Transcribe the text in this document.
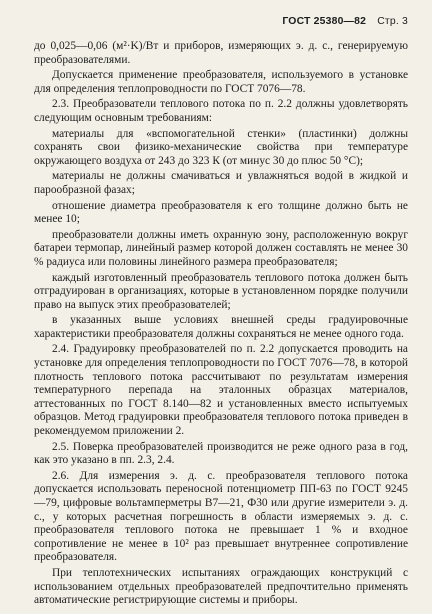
ГОСТ 25380—82 Стр. 3

до 0,025—0,06 (м²·K)/Вт и приборов, измеряющих э. д. с., генерируемую преобразователями.

Допускается применение преобразователя, используемого в установке для определения теплопроводности по ГОСТ 7076—78.

2.3. Преобразователи теплового потока по п. 2.2 должны удовлетворять следующим основным требованиям:

материалы для «вспомогательной стенки» (пластинки) должны сохранять свои физико-механические свойства при температуре окружающего воздуха от 243 до 323 К (от минус 30 до плюс 50 °С);

материалы не должны смачиваться и увлажняться водой в жидкой и парообразной фазах;

отношение диаметра преобразователя к его толщине должно быть не менее 10;

преобразователи должны иметь охранную зону, расположенную вокруг батареи термопар, линейный размер которой должен составлять не менее 30 % радиуса или половины линейного размера преобразователя;

каждый изготовленный преобразователь теплового потока должен быть отградуирован в организациях, которые в установленном порядке получили право на выпуск этих преобразователей;

в указанных выше условиях внешней среды градуировочные характеристики преобразователя должны сохраняться не менее одного года.

2.4. Градуировку преобразователей по п. 2.2 допускается проводить на установке для определения теплопроводности по ГОСТ 7076—78, в которой плотность теплового потока рассчитывают по результатам измерения температурного перепада на эталонных образцах материалов, аттестованных по ГОСТ 8.140—82 и установленных вместо испытуемых образцов. Метод градуировки преобразователя теплового потока приведен в рекомендуемом приложении 2.

2.5. Поверка преобразователей производится не реже одного раза в год, как это указано в пп. 2.3, 2.4.

2.6. Для измерения э. д. с. преобразователя теплового потока допускается использовать переносной потенциометр ПП-63 по ГОСТ 9245—79, цифровые вольтамперметры В7—21, Ф30 или другие измерители э. д. с., у которых расчетная погрешность в области измеряемых э. д. с. преобразователя теплового потока не превышает 1 % и входное сопротивление не менее в 10² раз превышает внутреннее сопротивление преобразователя.

При теплотехнических испытаниях ограждающих конструкций с использованием отдельных преобразователей предпочтительно применять автоматические регистрирующие системы и приборы.
